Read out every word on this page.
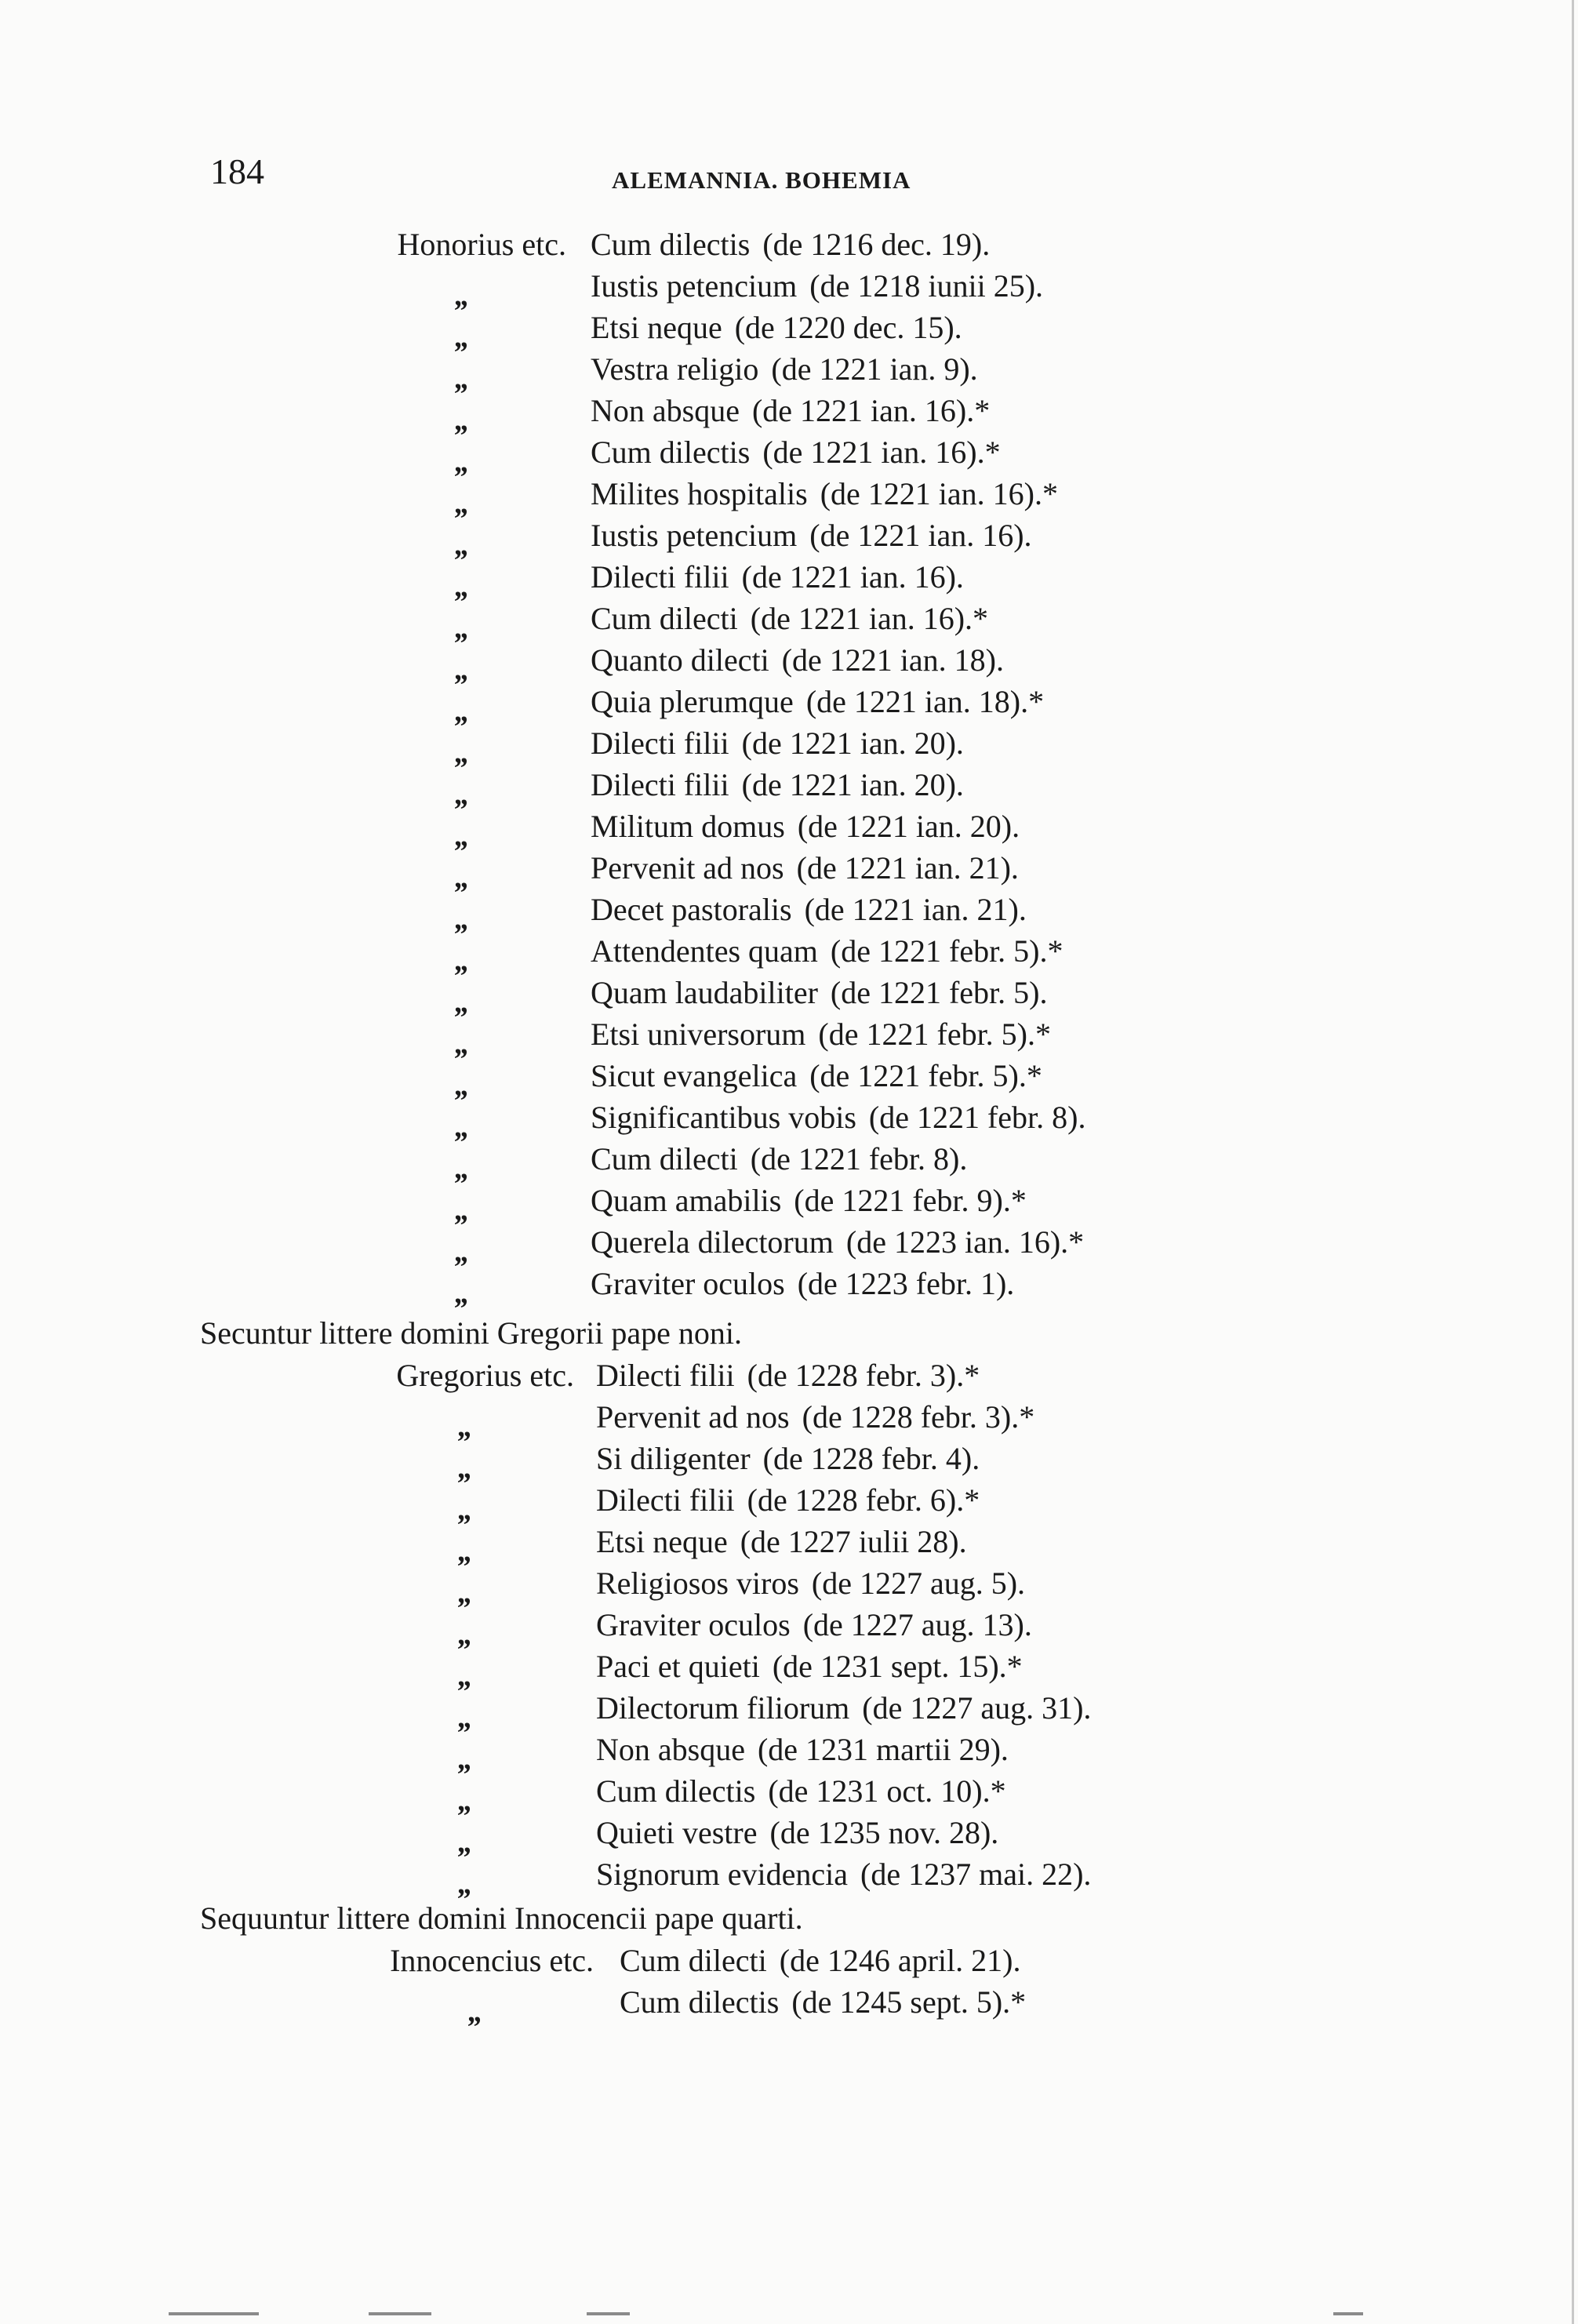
184	ALEMANNIA. BOHEMIA
Honorius etc. Cum dilectis (de 1216 dec. 19).
„	Iustis petencium (de 1218 iunii 25).
„	Etsi neque (de 1220 dec. 15).
„	Vestra religio (de 1221 ian. 9).
„	Non absque (de 1221 ian. 16).*
„	Cum dilectis (de 1221 ian. 16).*
„	Milites hospitalis (de 1221 ian. 16).*
„	Iustis petencium (de 1221 ian. 16).
„	Dilecti filii (de 1221 ian. 16).
„	Cum dilecti (de 1221 ian. 16).*
„	Quanto dilecti (de 1221 ian. 18).
„	Quia plerumque (de 1221 ian. 18).*
„	Dilecti filii (de 1221 ian. 20).
„	Dilecti filii (de 1221 ian. 20).
„	Militum domus (de 1221 ian. 20).
„	Pervenit ad nos (de 1221 ian. 21).
„	Decet pastoralis (de 1221 ian. 21).
„	Attendentes quam (de 1221 febr. 5).*
„	Quam laudabiliter (de 1221 febr. 5).
„	Etsi universorum (de 1221 febr. 5).*
„	Sicut evangelica (de 1221 febr. 5).*
„	Significantibus vobis (de 1221 febr. 8).
„	Cum dilecti (de 1221 febr. 8).
„	Quam amabilis (de 1221 febr. 9).*
„	Querela dilectorum (de 1223 ian. 16).*
„	Graviter oculos (de 1223 febr. 1).
Secuntur littere domini Gregorii pape noni.
Gregorius etc. Dilecti filii (de 1228 febr. 3).*
„	Pervenit ad nos (de 1228 febr. 3).*
„	Si diligenter (de 1228 febr. 4).
„	Dilecti filii (de 1228 febr. 6).*
„	Etsi neque (de 1227 iulii 28).
„	Religiosos viros (de 1227 aug. 5).
„	Graviter oculos (de 1227 aug. 13).
„	Paci et quieti (de 1231 sept. 15).*
„	Dilectorum filiorum (de 1227 aug. 31).
„	Non absque (de 1231 martii 29).
„	Cum dilectis (de 1231 oct. 10).*
„	Quieti vestre (de 1235 nov. 28).
„	Signorum evidencia (de 1237 mai. 22).
Sequuntur littere domini Innocencii pape quarti.
Innocencius etc. Cum dilecti (de 1246 april. 21).
„	Cum dilectis (de 1245 sept. 5).*
